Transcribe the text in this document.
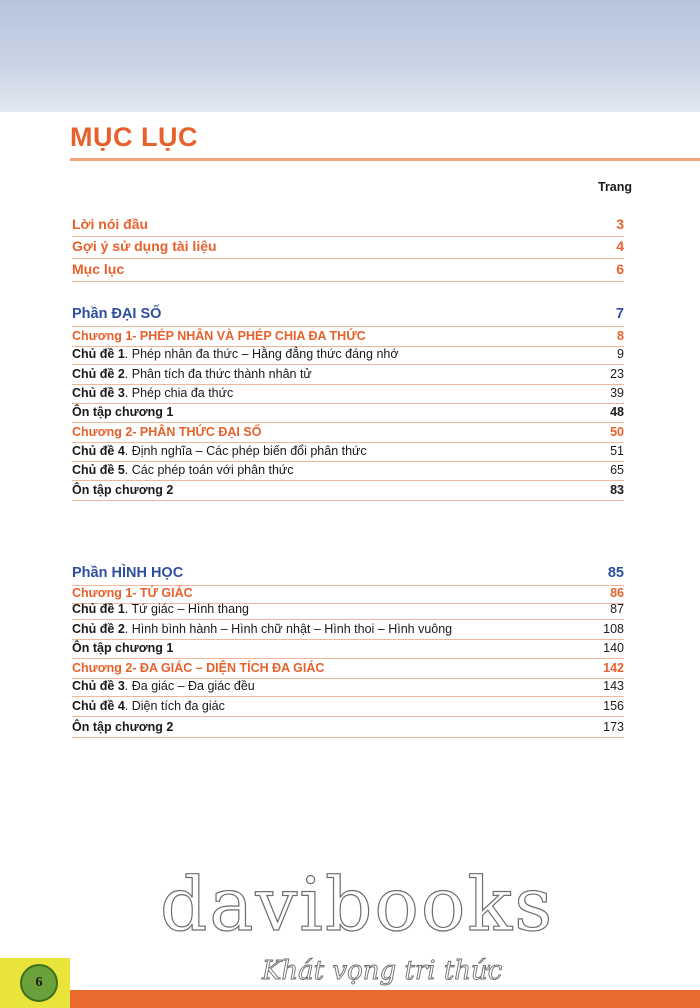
MỤC LỤC
Trang
Lời nói đầu	3
Gợi ý sử dụng tài liệu	4
Mục lục	6
Phần ĐẠI SỐ	7
Chương 1- PHÉP NHÂN VÀ PHÉP CHIA ĐA THỨC	8
Chủ đề 1. Phép nhân đa thức – Hằng đẳng thức đáng nhớ	9
Chủ đề 2. Phân tích đa thức thành nhân tử	23
Chủ đề 3. Phép chia đa thức	39
Ôn tập chương 1	48
Chương 2- PHÂN THỨC ĐẠI SỐ	50
Chủ đề 4. Định nghĩa – Các phép biến đổi phân thức	51
Chủ đề 5. Các phép toán với phân thức	65
Ôn tập chương 2	83
Phần HÌNH HỌC	85
Chương 1- TỨ GIÁC	86
Chủ đề 1. Tứ giác – Hình thang	87
Chủ đề 2. Hình bình hành – Hình chữ nhật – Hình thoi – Hình vuông	108
Ôn tập chương 1	140
Chương 2- ĐA GIÁC – DIỆN TÍCH ĐA GIÁC	142
Chủ đề 3. Đa giác – Đa giác đều	143
Chủ đề 4. Diện tích đa giác	156
Ôn tập chương 2	173
davibooks
6	Khát vọng tri thức
